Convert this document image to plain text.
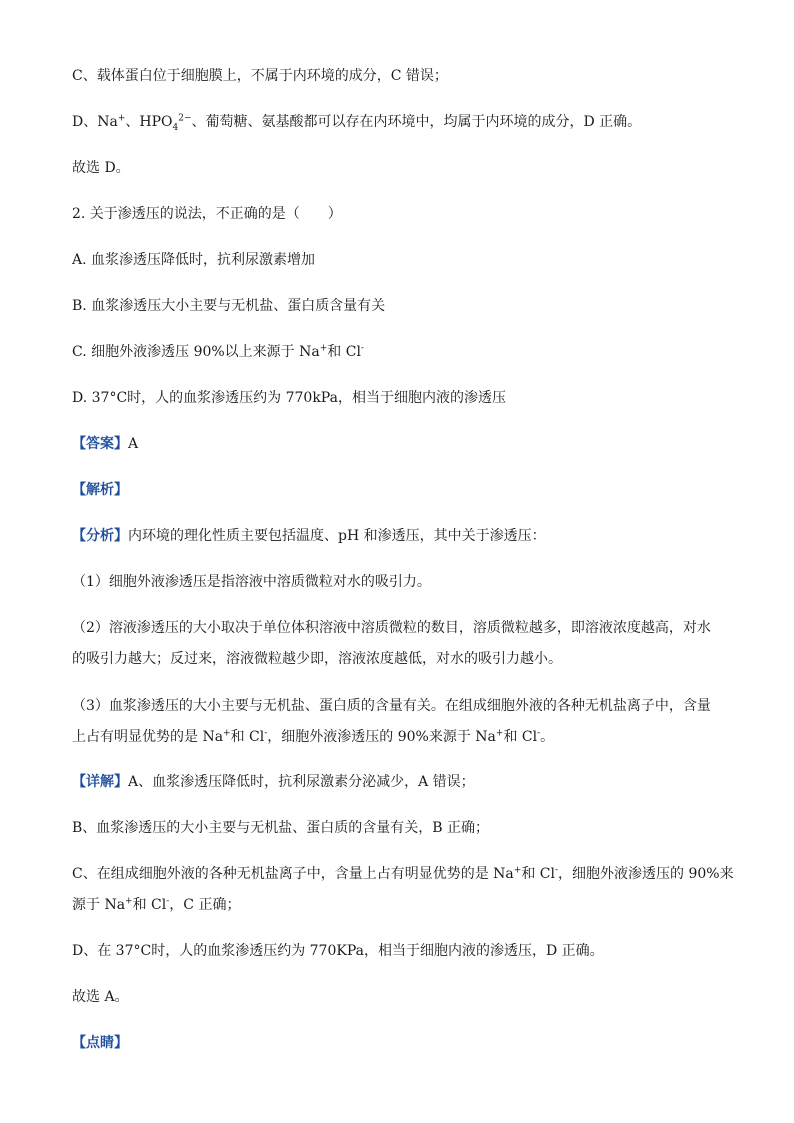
C、载体蛋白位于细胞膜上，不属于内环境的成分，C 错误；
D、Na+、$HPO_4^{2-}$、葡萄糖、氨基酸都可以存在内环境中，均属于内环境的成分，D 正确。
故选 D。
2. 关于渗透压的说法，不正确的是（　　）
A. 血浆渗透压降低时，抗利尿激素增加
B. 血浆渗透压大小主要与无机盐、蛋白质含量有关
C. 细胞外液渗透压 90%以上来源于 Na+和 Cl-
D. 37°C时，人的血浆渗透压约为 770kPa，相当于细胞内液的渗透压
【答案】A
【解析】
【分析】内环境的理化性质主要包括温度、pH 和渗透压，其中关于渗透压：
（1）细胞外液渗透压是指溶液中溶质微粒对水的吸引力。
（2）溶液渗透压的大小取决于单位体积溶液中溶质微粒的数目，溶质微粒越多，即溶液浓度越高，对水
的吸引力越大；反过来，溶液微粒越少即，溶液浓度越低，对水的吸引力越小。
（3）血浆渗透压的大小主要与无机盐、蛋白质的含量有关。在组成细胞外液的各种无机盐离子中，含量
上占有明显优势的是 Na+和 Cl-，细胞外液渗透压的 90%来源于 Na+和 Cl-。
【详解】A、血浆渗透压降低时，抗利尿激素分泌减少，A 错误；
B、血浆渗透压的大小主要与无机盐、蛋白质的含量有关，B 正确；
C、在组成细胞外液的各种无机盐离子中，含量上占有明显优势的是 Na+和 Cl-，细胞外液渗透压的 90%来
源于 Na+和 Cl-，C 正确；
D、在 37°C时，人的血浆渗透压约为 770KPa，相当于细胞内液的渗透压，D 正确。
故选 A。
【点睛】
